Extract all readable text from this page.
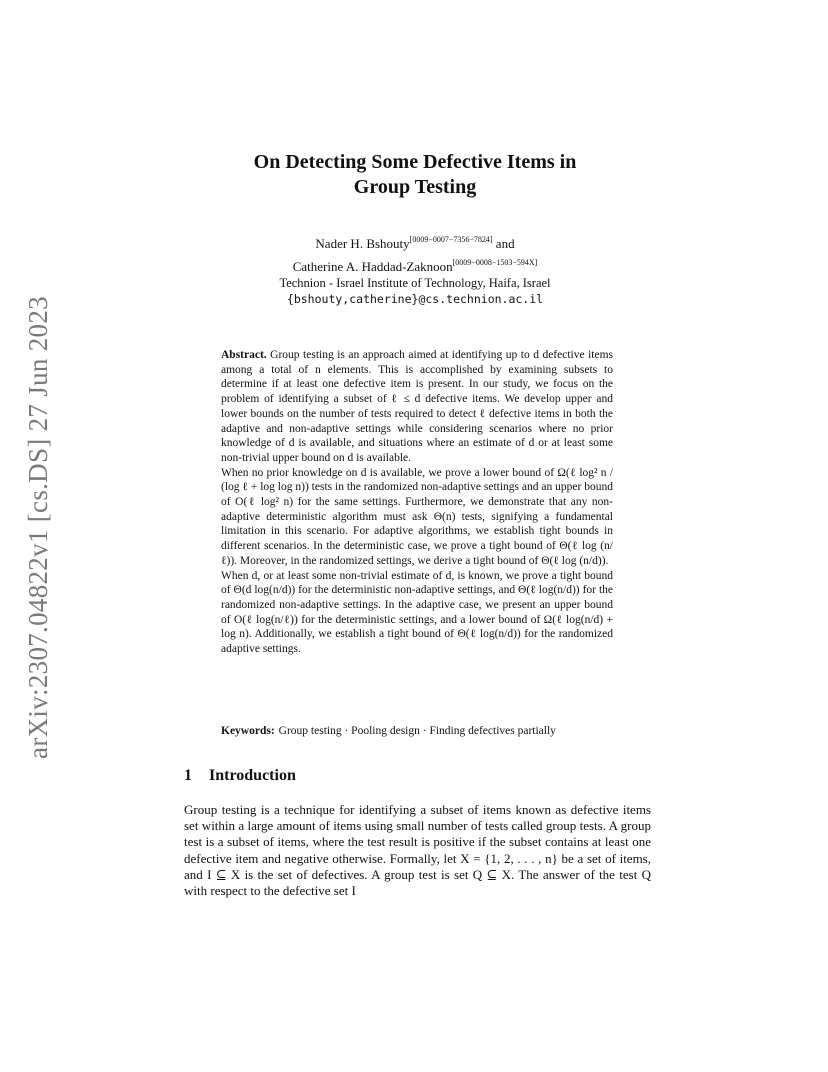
arXiv:2307.04822v1 [cs.DS] 27 Jun 2023
On Detecting Some Defective Items in
Group Testing
Nader H. Bshouty[0009−0007−7356−7824] and
Catherine A. Haddad-Zaknoon[0009−0008−1503−594X]
Technion - Israel Institute of Technology, Haifa, Israel
{bshouty,catherine}@cs.technion.ac.il

Abstract. Group testing is an approach aimed at identifying up to d defective items among a total of n elements. This is accomplished by examining subsets to determine if at least one defective item is present. In our study, we focus on the problem of identifying a subset of ℓ ≤ d defective items. We develop upper and lower bounds on the number of tests required to detect ℓ defective items in both the adaptive and non-adaptive settings while considering scenarios where no prior knowledge of d is available, and situations where an estimate of d or at least some non-trivial upper bound on d is available.

When no prior knowledge on d is available, we prove a lower bound of Ω(ℓ log² n / (log ℓ + log log n)) tests in the randomized non-adaptive settings and an upper bound of O(ℓ log² n) for the same settings. Furthermore, we demonstrate that any non-adaptive deterministic algorithm must ask Θ(n) tests, signifying a fundamental limitation in this scenario. For adaptive algorithms, we establish tight bounds in different scenarios. In the deterministic case, we prove a tight bound of Θ(ℓ log (n/ℓ)). Moreover, in the randomized settings, we derive a tight bound of Θ(ℓ log (n/d)).

When d, or at least some non-trivial estimate of d, is known, we prove a tight bound of Θ(d log(n/d)) for the deterministic non-adaptive settings, and Θ(ℓ log(n/d)) for the randomized non-adaptive settings. In the adaptive case, we present an upper bound of O(ℓ log(n/ℓ)) for the deterministic settings, and a lower bound of Ω(ℓ log(n/d) + log n). Additionally, we establish a tight bound of Θ(ℓ log(n/d)) for the randomized adaptive settings.

Keywords: Group testing · Pooling design · Finding defectives partially
1 Introduction

Group testing is a technique for identifying a subset of items known as defective items set within a large amount of items using small number of tests called group tests. A group test is a subset of items, where the test result is positive if the subset contains at least one defective item and negative otherwise. Formally, let X = {1, 2, . . . , n} be a set of items, and I ⊆ X is the set of defectives. A group test is set Q ⊆ X. The answer of the test Q with respect to the defective set I
